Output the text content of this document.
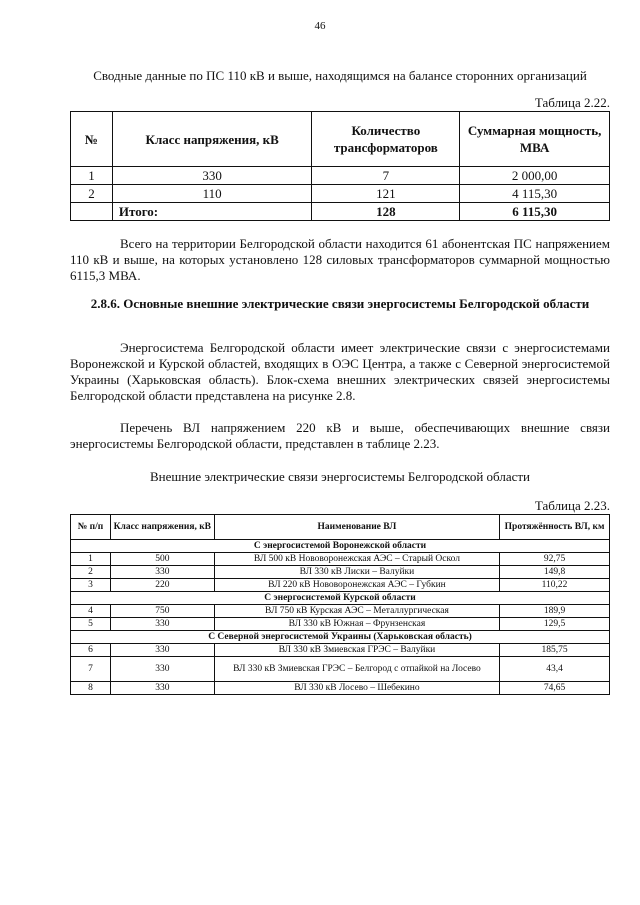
46
Сводные данные по ПС 110 кВ и выше, находящимся на балансе сторонних организаций
Таблица 2.22.
№	Класс напряжения, кВ	Количество трансформаторов	Суммарная мощность, МВА
1	330	7	2 000,00
2	110	121	4 115,30
	Итого:	128	6 115,30
Всего на территории Белгородской области находится 61 абонентская ПС напряжением 110 кВ и выше, на которых установлено 128 силовых трансформаторов суммарной мощностью 6115,3 МВА.
2.8.6. Основные внешние электрические связи энергосистемы Белгородской области
Энергосистема Белгородской области имеет электрические связи с энергосистемами Воронежской и Курской областей, входящих в ОЭС Центра, а также с Северной энергосистемой Украины (Харьковская область). Блок-схема внешних электрических связей энергосистемы Белгородской области представлена на рисунке 2.8.
Перечень ВЛ напряжением 220 кВ и выше, обеспечивающих внешние связи энергосистемы Белгородской области, представлен в таблице 2.23.
Внешние электрические связи энергосистемы Белгородской области
Таблица 2.23.
№ п/п	Класс напряжения, кВ	Наименование ВЛ	Протяжённость ВЛ, км
С энергосистемой Воронежской области			
1	500	ВЛ 500 кВ Нововоронежская АЭС – Старый Оскол	92,75
2	330	ВЛ 330 кВ Лиски – Валуйки	149,8
3	220	ВЛ 220 кВ Нововоронежская АЭС – Губкин	110,22
С энергосистемой Курской области			
4	750	ВЛ 750 кВ Курская АЭС – Металлургическая	189,9
5	330	ВЛ 330 кВ Южная – Фрунзенская	129,5
С Северной энергосистемой Украины (Харьковская область)			
6	330	ВЛ 330 кВ Змиевская ГРЭС – Валуйки	185,75
7	330	ВЛ 330 кВ Змиевская ГРЭС – Белгород с отпайкой на Лосево	43,4
8	330	ВЛ 330 кВ Лосево – Шебекино	74,65
